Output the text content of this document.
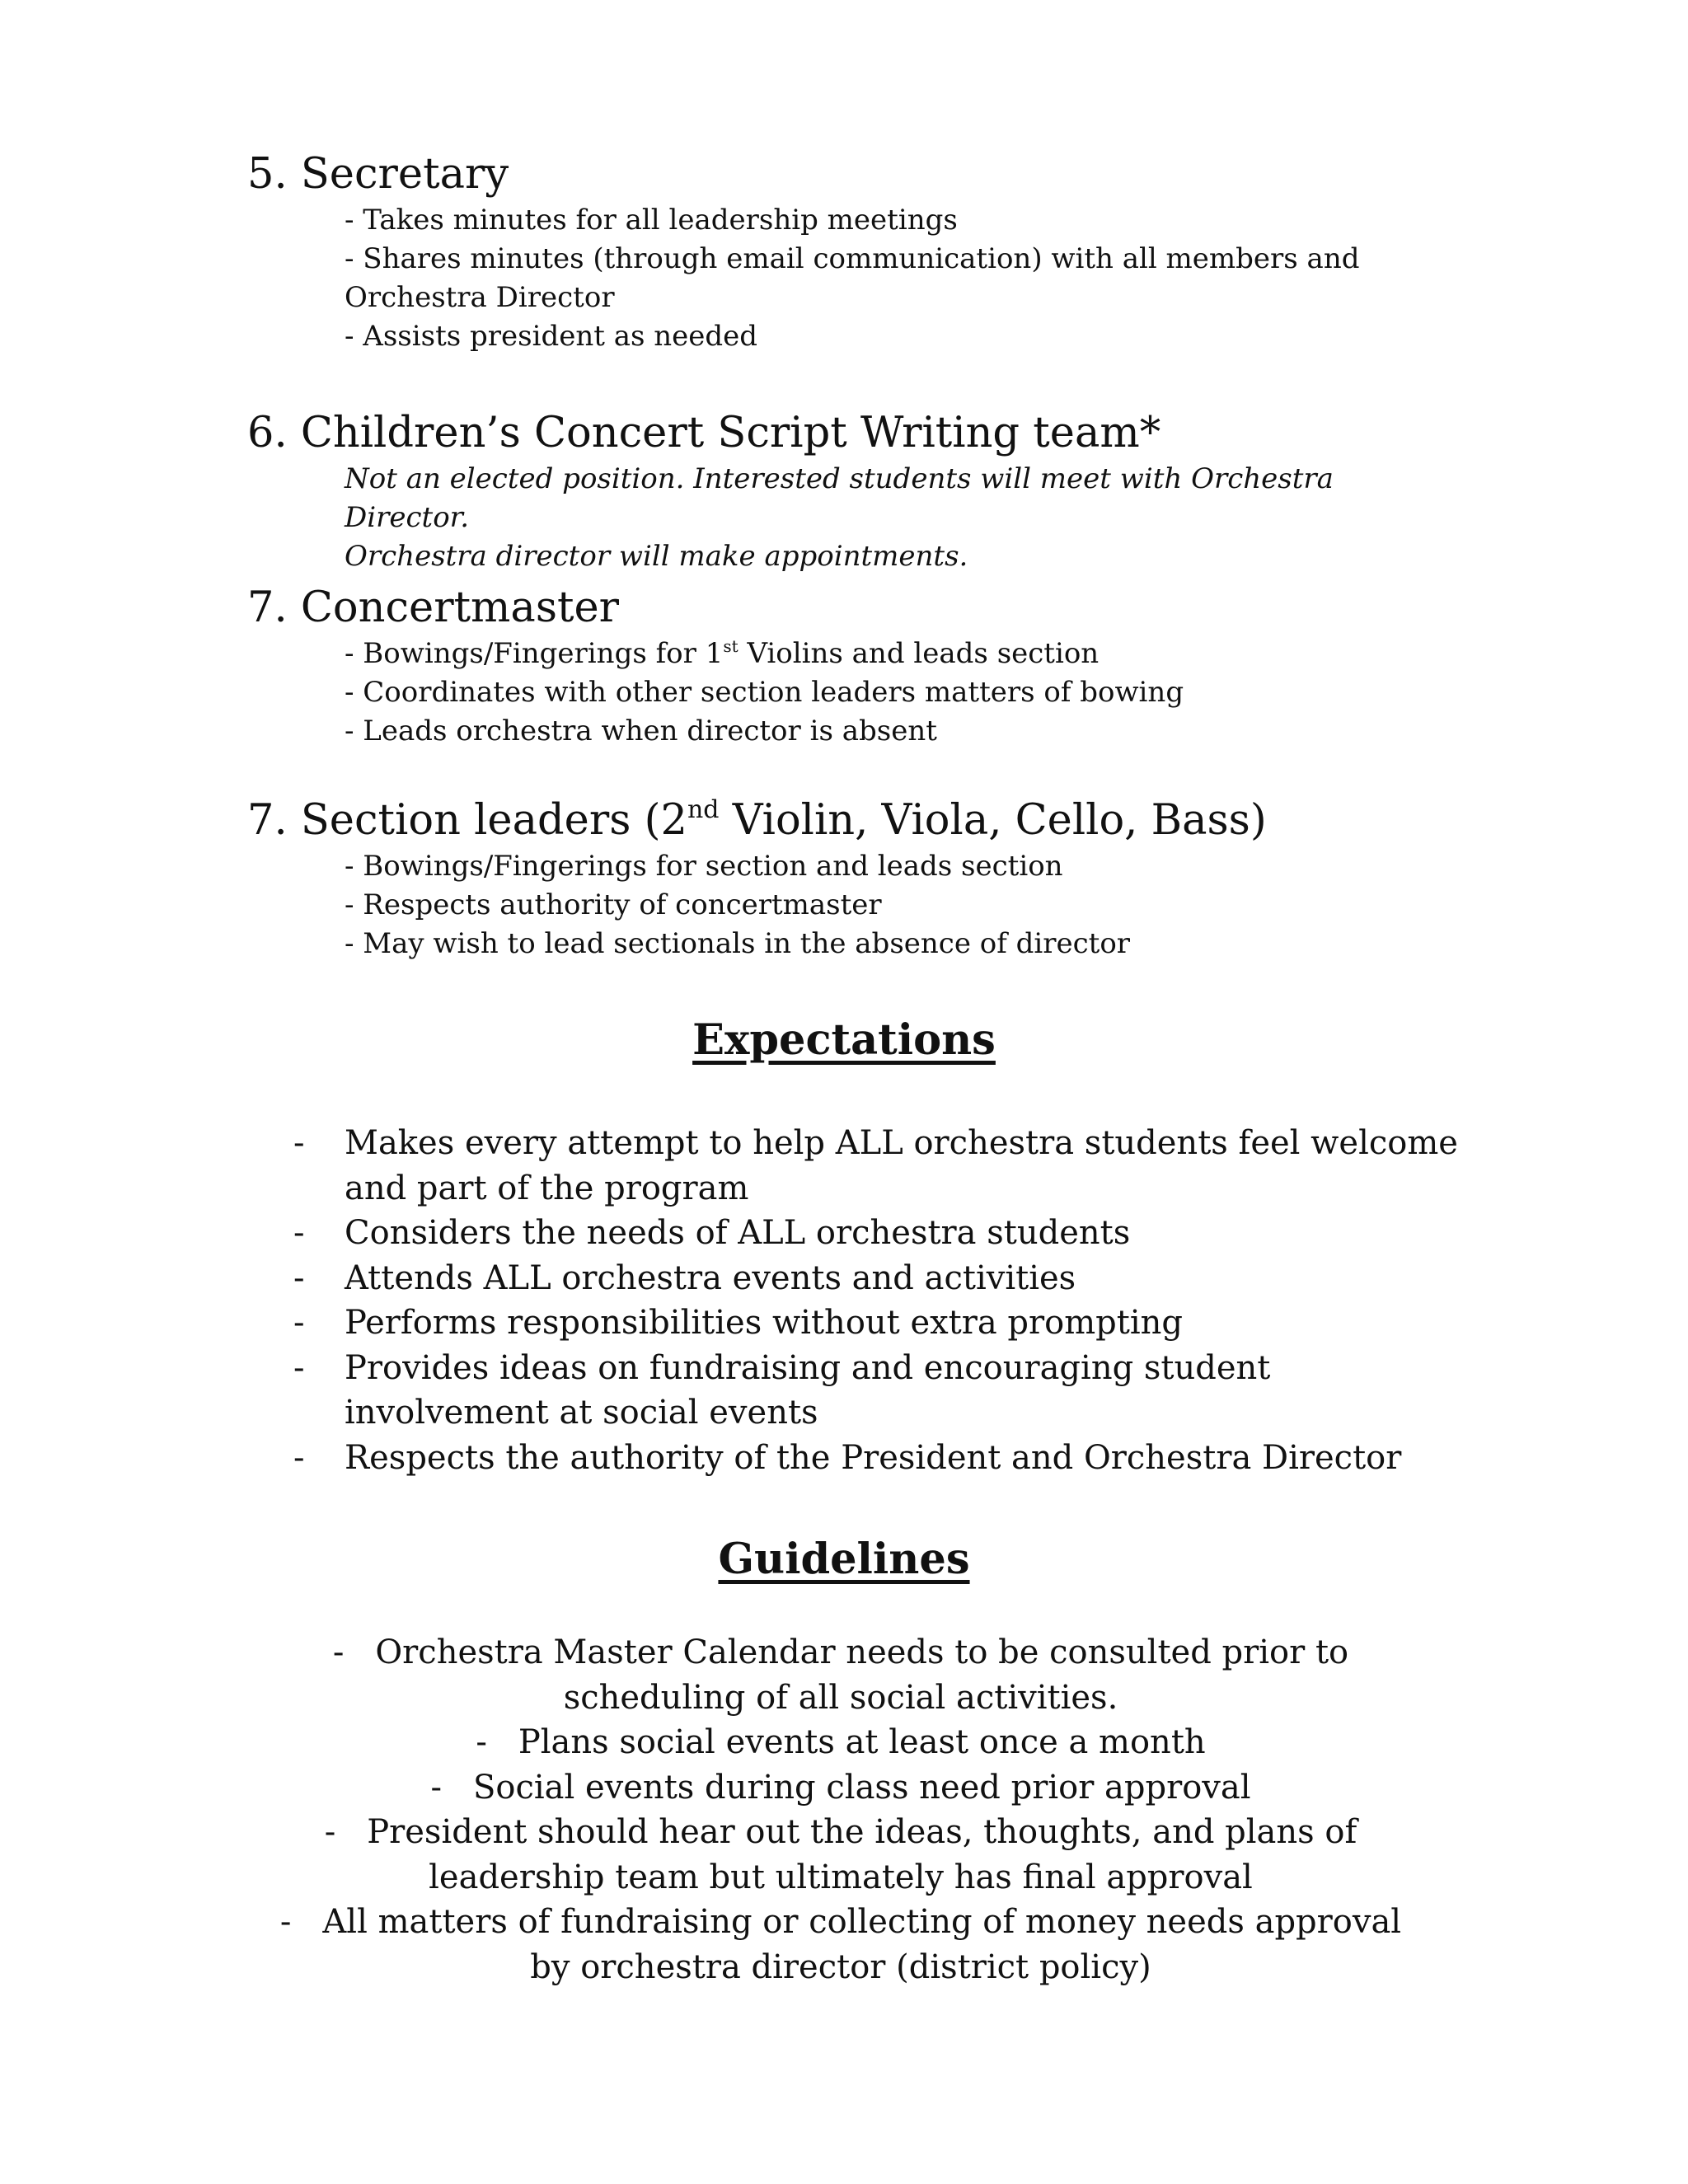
5. Secretary
- Takes minutes for all leadership meetings
- Shares minutes (through email communication) with all members and
Orchestra Director
- Assists president as needed
6. Children’s Concert Script Writing team*
Not an elected position. Interested students will meet with Orchestra Director.
Orchestra director will make appointments.
7. Concertmaster
- Bowings/Fingerings for 1st Violins and leads section
- Coordinates with other section leaders matters of bowing
- Leads orchestra when director is absent
7. Section leaders (2nd Violin, Viola, Cello, Bass)
- Bowings/Fingerings for section and leads section
- Respects authority of concertmaster
- May wish to lead sectionals in the absence of director
Expectations
- Makes every attempt to help ALL orchestra students feel welcome and part of the program
- Considers the needs of ALL orchestra students
- Attends ALL orchestra events and activities
- Performs responsibilities without extra prompting
- Provides ideas on fundraising and encouraging student involvement at social events
- Respects the authority of the President and Orchestra Director
Guidelines
- Orchestra Master Calendar needs to be consulted prior to
scheduling of all social activities.
- Plans social events at least once a month
- Social events during class need prior approval
- President should hear out the ideas, thoughts, and plans of
leadership team but ultimately has final approval
- All matters of fundraising or collecting of money needs approval
by orchestra director (district policy)
